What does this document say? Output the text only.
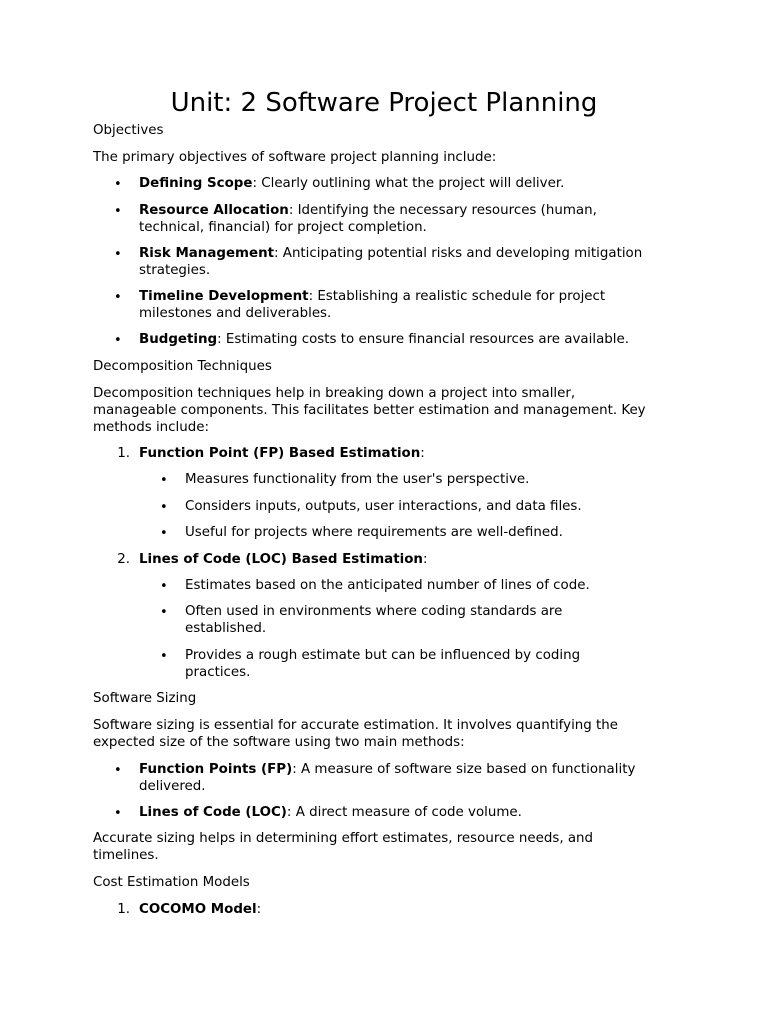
Unit: 2 Software Project Planning

Objectives

The primary objectives of software project planning include:

• Defining Scope: Clearly outlining what the project will deliver.

• Resource Allocation: Identifying the necessary resources (human, technical, financial) for project completion.

• Risk Management: Anticipating potential risks and developing mitigation strategies.

• Timeline Development: Establishing a realistic schedule for project milestones and deliverables.

• Budgeting: Estimating costs to ensure financial resources are available.

Decomposition Techniques

Decomposition techniques help in breaking down a project into smaller, manageable components. This facilitates better estimation and management. Key methods include:

1. Function Point (FP) Based Estimation:

• Measures functionality from the user's perspective.

• Considers inputs, outputs, user interactions, and data files.

• Useful for projects where requirements are well-defined.

2. Lines of Code (LOC) Based Estimation:

• Estimates based on the anticipated number of lines of code.

• Often used in environments where coding standards are established.

• Provides a rough estimate but can be influenced by coding practices.

Software Sizing

Software sizing is essential for accurate estimation. It involves quantifying the expected size of the software using two main methods:

• Function Points (FP): A measure of software size based on functionality delivered.

• Lines of Code (LOC): A direct measure of code volume.

Accurate sizing helps in determining effort estimates, resource needs, and timelines.

Cost Estimation Models

1. COCOMO Model:
